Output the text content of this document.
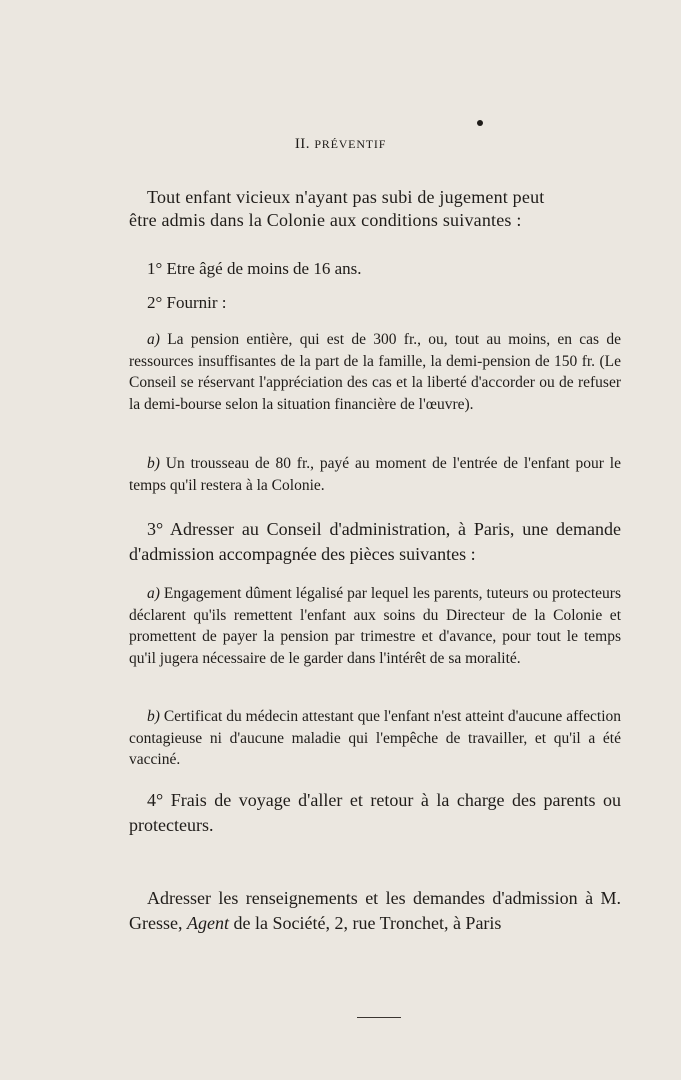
II. PRÉVENTIF
Tout enfant vicieux n'ayant pas subi de jugement peut
être admis dans la Colonie aux conditions suivantes :
1° Etre âgé de moins de 16 ans.
2° Fournir :
a) La pension entière, qui est de 300 fr., ou, tout au moins, en cas de ressources insuffisantes de la part de la famille, la demi-pension de 150 fr. (Le Conseil se réservant l'appréciation des cas et la liberté d'accorder ou de refuser la demi-bourse selon la situation financière de l'œuvre).
b) Un trousseau de 80 fr., payé au moment de l'entrée de l'enfant pour le temps qu'il restera à la Colonie.
3° Adresser au Conseil d'administration, à Paris, une demande d'admission accompagnée des pièces suivantes :
a) Engagement dûment légalisé par lequel les parents, tuteurs ou protecteurs déclarent qu'ils remettent l'enfant aux soins du Directeur de la Colonie et promettent de payer la pension par trimestre et d'avance, pour tout le temps qu'il jugera nécessaire de le garder dans l'intérêt de sa moralité.
b) Certificat du médecin attestant que l'enfant n'est atteint d'aucune affection contagieuse ni d'aucune maladie qui l'empêche de travailler, et qu'il a été vacciné.
4° Frais de voyage d'aller et retour à la charge des parents ou protecteurs.
Adresser les renseignements et les demandes d'admission à M. Gresse, Agent de la Société, 2, rue Tronchet, à Paris
